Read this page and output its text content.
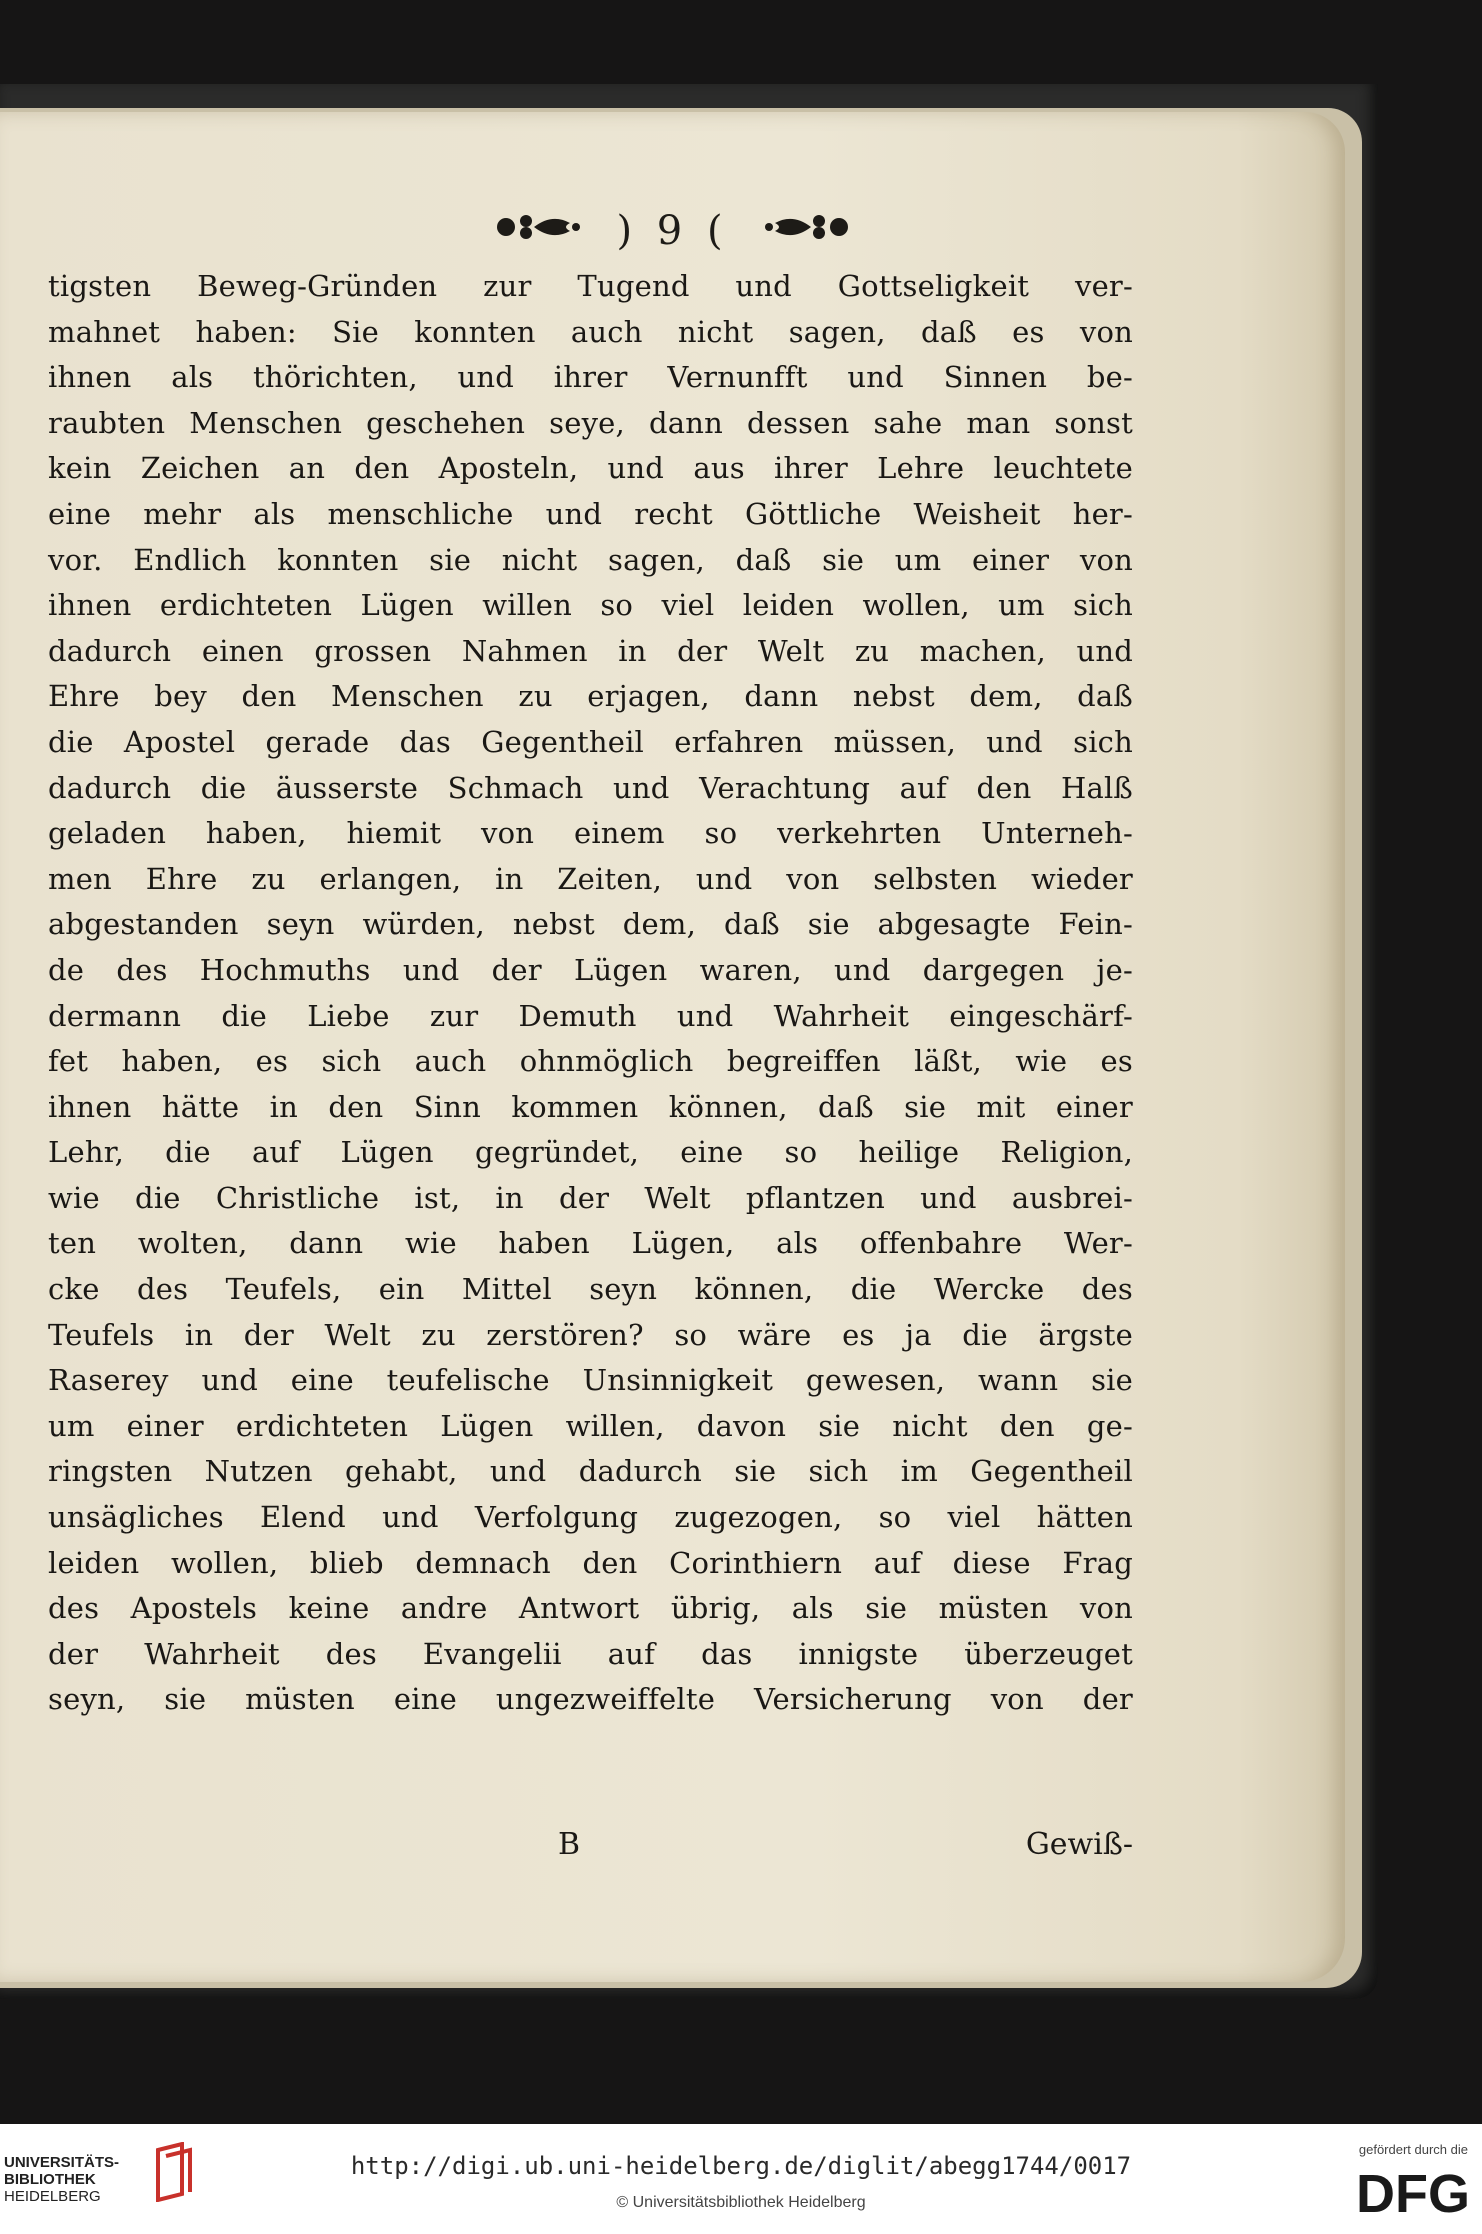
) 9 (
tigsten Beweg-Gründen zur Tugend und Gottseligkeit ver-
mahnet haben: Sie konnten auch nicht sagen, daß es von
ihnen als thörichten, und ihrer Vernunfft und Sinnen be-
raubten Menschen geschehen seye, dann dessen sahe man sonst
kein Zeichen an den Aposteln, und aus ihrer Lehre leuchtete
eine mehr als menschliche und recht Göttliche Weisheit her-
vor. Endlich konnten sie nicht sagen, daß sie um einer von
ihnen erdichteten Lügen willen so viel leiden wollen, um sich
dadurch einen grossen Nahmen in der Welt zu machen, und
Ehre bey den Menschen zu erjagen, dann nebst dem, daß
die Apostel gerade das Gegentheil erfahren müssen, und sich
dadurch die äusserste Schmach und Verachtung auf den Halß
geladen haben, hiemit von einem so verkehrten Unterneh-
men Ehre zu erlangen, in Zeiten, und von selbsten wieder
abgestanden seyn würden, nebst dem, daß sie abgesagte Fein-
de des Hochmuths und der Lügen waren, und dargegen je-
dermann die Liebe zur Demuth und Wahrheit eingeschärf-
fet haben, es sich auch ohnmöglich begreiffen läßt, wie es
ihnen hätte in den Sinn kommen können, daß sie mit einer
Lehr, die auf Lügen gegründet, eine so heilige Religion,
wie die Christliche ist, in der Welt pflantzen und ausbrei-
ten wolten, dann wie haben Lügen, als offenbahre Wer-
cke des Teufels, ein Mittel seyn können, die Wercke des
Teufels in der Welt zu zerstören? so wäre es ja die ärgste
Raserey und eine teufelische Unsinnigkeit gewesen, wann sie
um einer erdichteten Lügen willen, davon sie nicht den ge-
ringsten Nutzen gehabt, und dadurch sie sich im Gegentheil
unsägliches Elend und Verfolgung zugezogen, so viel hätten
leiden wollen, blieb demnach den Corinthiern auf diese Frag
des Apostels keine andre Antwort übrig, als sie müsten von
der Wahrheit des Evangelii auf das innigste überzeuget
seyn, sie müsten eine ungezweiffelte Versicherung von der
B	Gewiß-
UNIVERSITÄTS-
BIBLIOTHEK
HEIDELBERG
http://digi.ub.uni-heidelberg.de/diglit/abegg1744/0017
© Universitätsbibliothek Heidelberg
gefördert durch die
DFG
